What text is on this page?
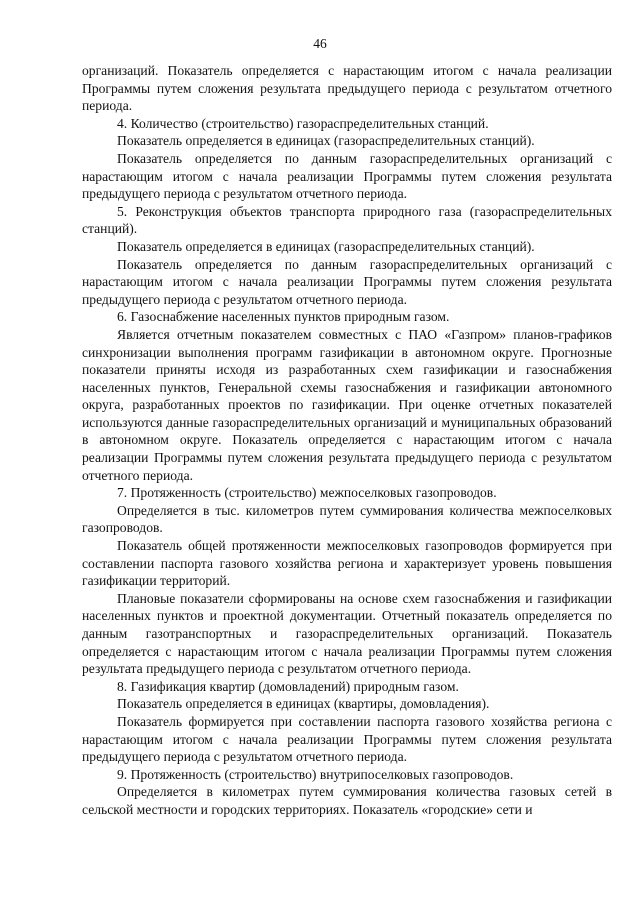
46

организаций. Показатель определяется с нарастающим итогом с начала реализации Программы путем сложения результата предыдущего периода с результатом отчетного периода.

4. Количество (строительство) газораспределительных станций.

Показатель определяется в единицах (газораспределительных станций).

Показатель определяется по данным газораспределительных организаций с нарастающим итогом с начала реализации Программы путем сложения результата предыдущего периода с результатом отчетного периода.

5. Реконструкция объектов транспорта природного газа (газораспределительных станций).

Показатель определяется в единицах (газораспределительных станций).

Показатель определяется по данным газораспределительных организаций с нарастающим итогом с начала реализации Программы путем сложения результата предыдущего периода с результатом отчетного периода.

6. Газоснабжение населенных пунктов природным газом.

Является отчетным показателем совместных с ПАО «Газпром» планов-графиков синхронизации выполнения программ газификации в автономном округе. Прогнозные показатели приняты исходя из разработанных схем газификации и газоснабжения населенных пунктов, Генеральной схемы газоснабжения и газификации автономного округа, разработанных проектов по газификации. При оценке отчетных показателей используются данные газораспределительных организаций и муниципальных образований в автономном округе. Показатель определяется с нарастающим итогом с начала реализации Программы путем сложения результата предыдущего периода с результатом отчетного периода.

7. Протяженность (строительство) межпоселковых газопроводов.

Определяется в тыс. километров путем суммирования количества межпоселковых газопроводов.

Показатель общей протяженности межпоселковых газопроводов формируется при составлении паспорта газового хозяйства региона и характеризует уровень повышения газификации территорий.

Плановые показатели сформированы на основе схем газоснабжения и газификации населенных пунктов и проектной документации. Отчетный показатель определяется по данным газотранспортных и газораспределительных организаций. Показатель определяется с нарастающим итогом с начала реализации Программы путем сложения результата предыдущего периода с результатом отчетного периода.

8. Газификация квартир (домовладений) природным газом.

Показатель определяется в единицах (квартиры, домовладения).

Показатель формируется при составлении паспорта газового хозяйства региона с нарастающим итогом с начала реализации Программы путем сложения результата предыдущего периода с результатом отчетного периода.

9. Протяженность (строительство) внутрипоселковых газопроводов.

Определяется в километрах путем суммирования количества газовых сетей в сельской местности и городских территориях. Показатель «городские» сети и
